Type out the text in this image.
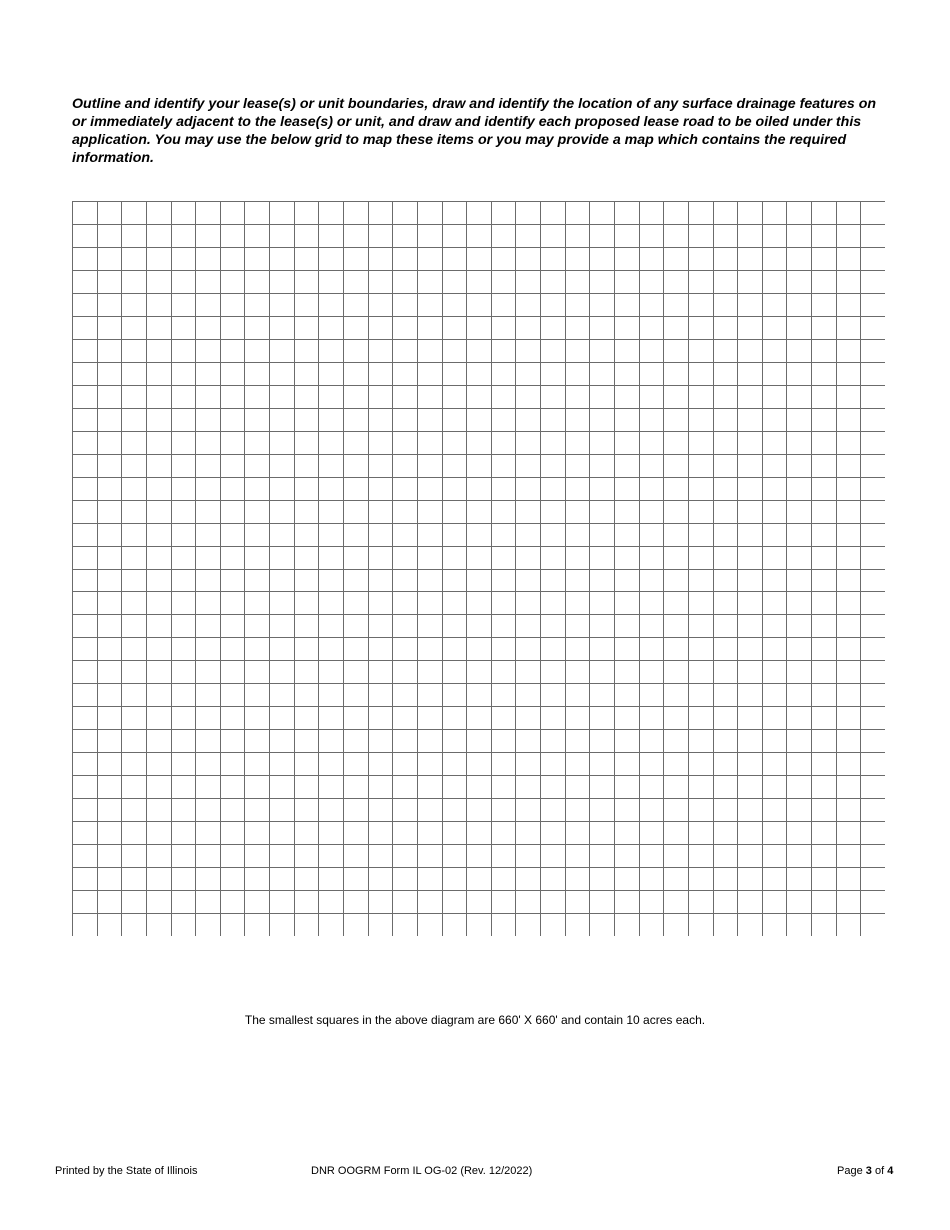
Outline and identify your lease(s) or unit boundaries, draw and identify the location of any surface drainage features on or immediately adjacent to the lease(s) or unit, and draw and identify each proposed lease road to be oiled under this application. You may use the below grid to map these items or you may provide a map which contains the required information.

The smallest squares in the above diagram are 660' X 660' and contain 10 acres each.

Printed by the State of Illinois	DNR OOGRM Form IL OG-02 (Rev. 12/2022)	Page 3 of 4
